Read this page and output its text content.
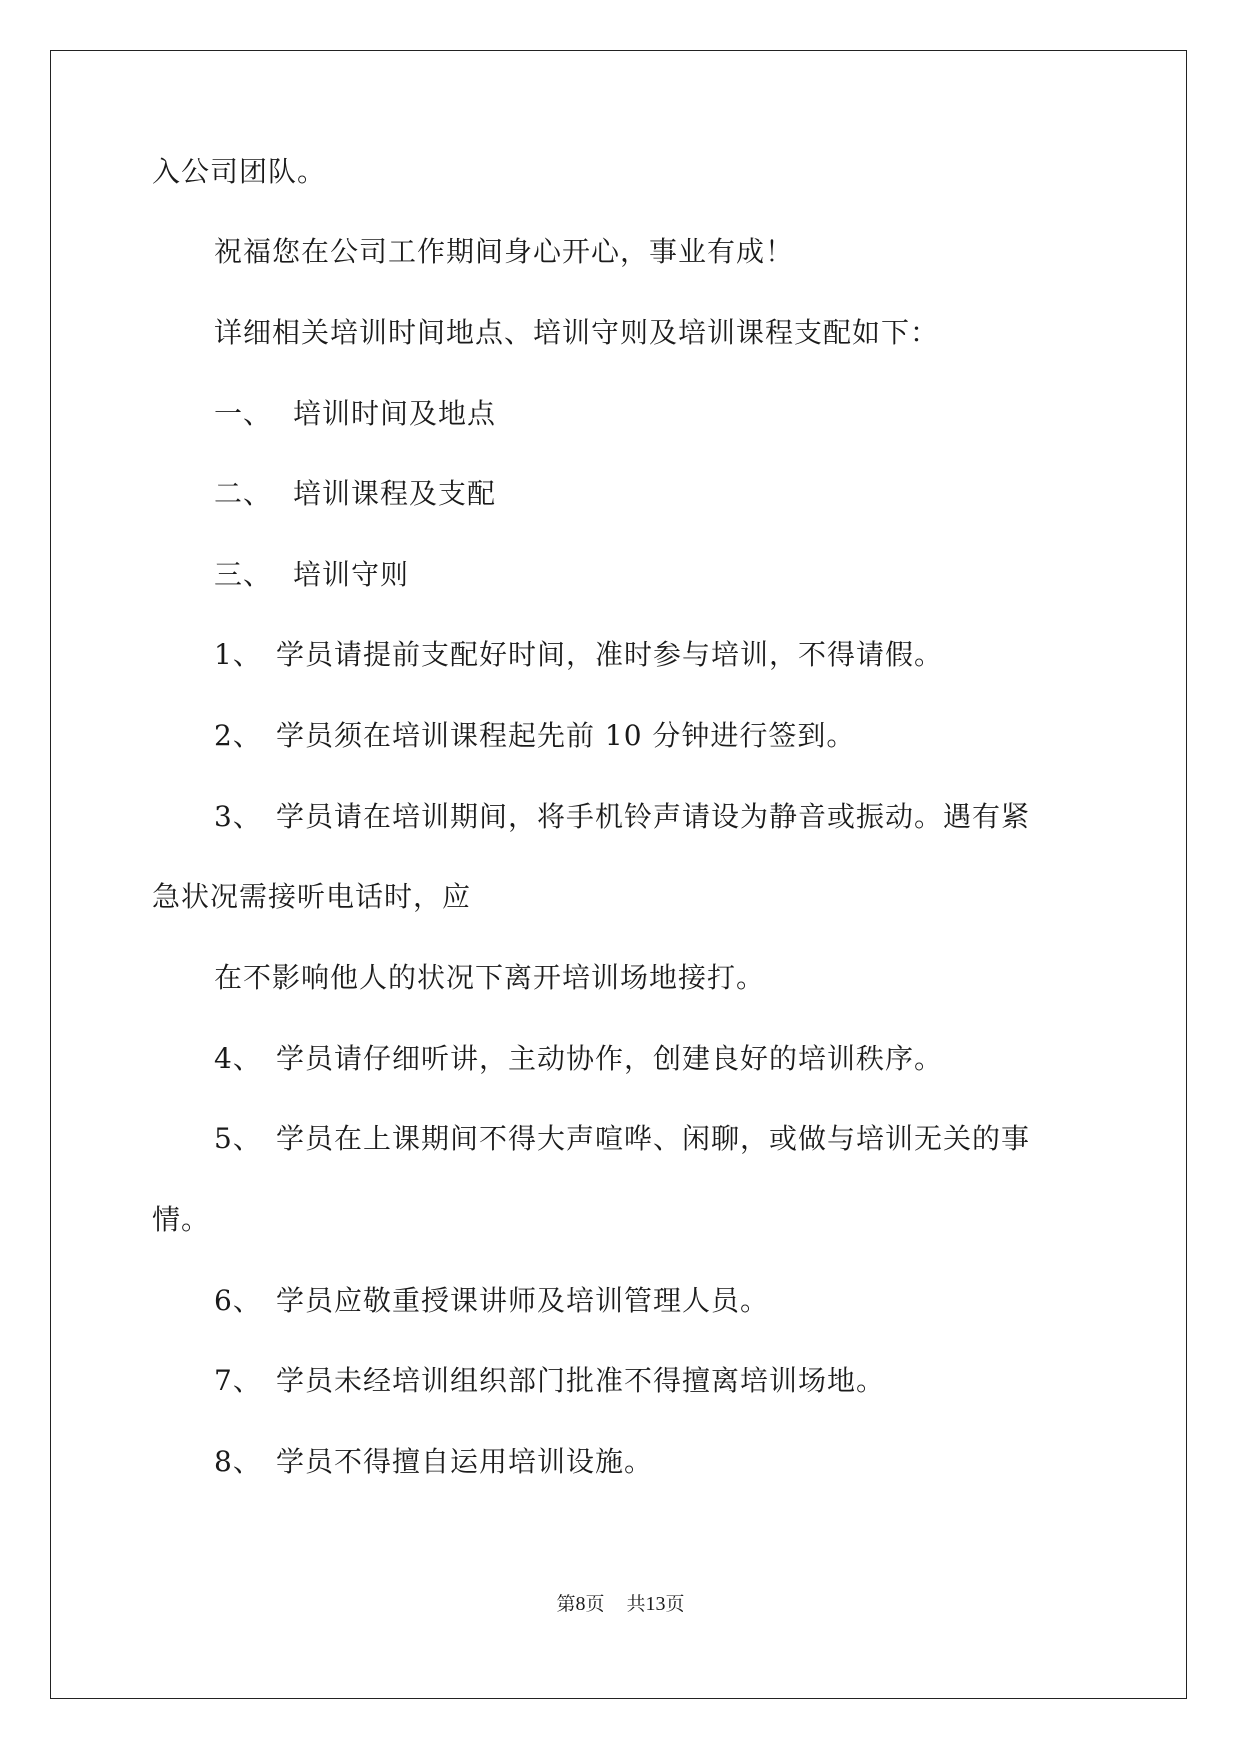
入公司团队。
祝福您在公司工作期间身心开心，事业有成！
详细相关培训时间地点、培训守则及培训课程支配如下：
一、 培训时间及地点
二、 培训课程及支配
三、 培训守则
1、 学员请提前支配好时间，准时参与培训，不得请假。
2、 学员须在培训课程起先前 10 分钟进行签到。
3、 学员请在培训期间，将手机铃声请设为静音或振动。遇有紧
急状况需接听电话时，应
在不影响他人的状况下离开培训场地接打。
4、 学员请仔细听讲，主动协作，创建良好的培训秩序。
5、 学员在上课期间不得大声喧哗、闲聊，或做与培训无关的事
情。
6、 学员应敬重授课讲师及培训管理人员。
7、 学员未经培训组织部门批准不得擅离培训场地。
8、 学员不得擅自运用培训设施。
第8页 共13页
